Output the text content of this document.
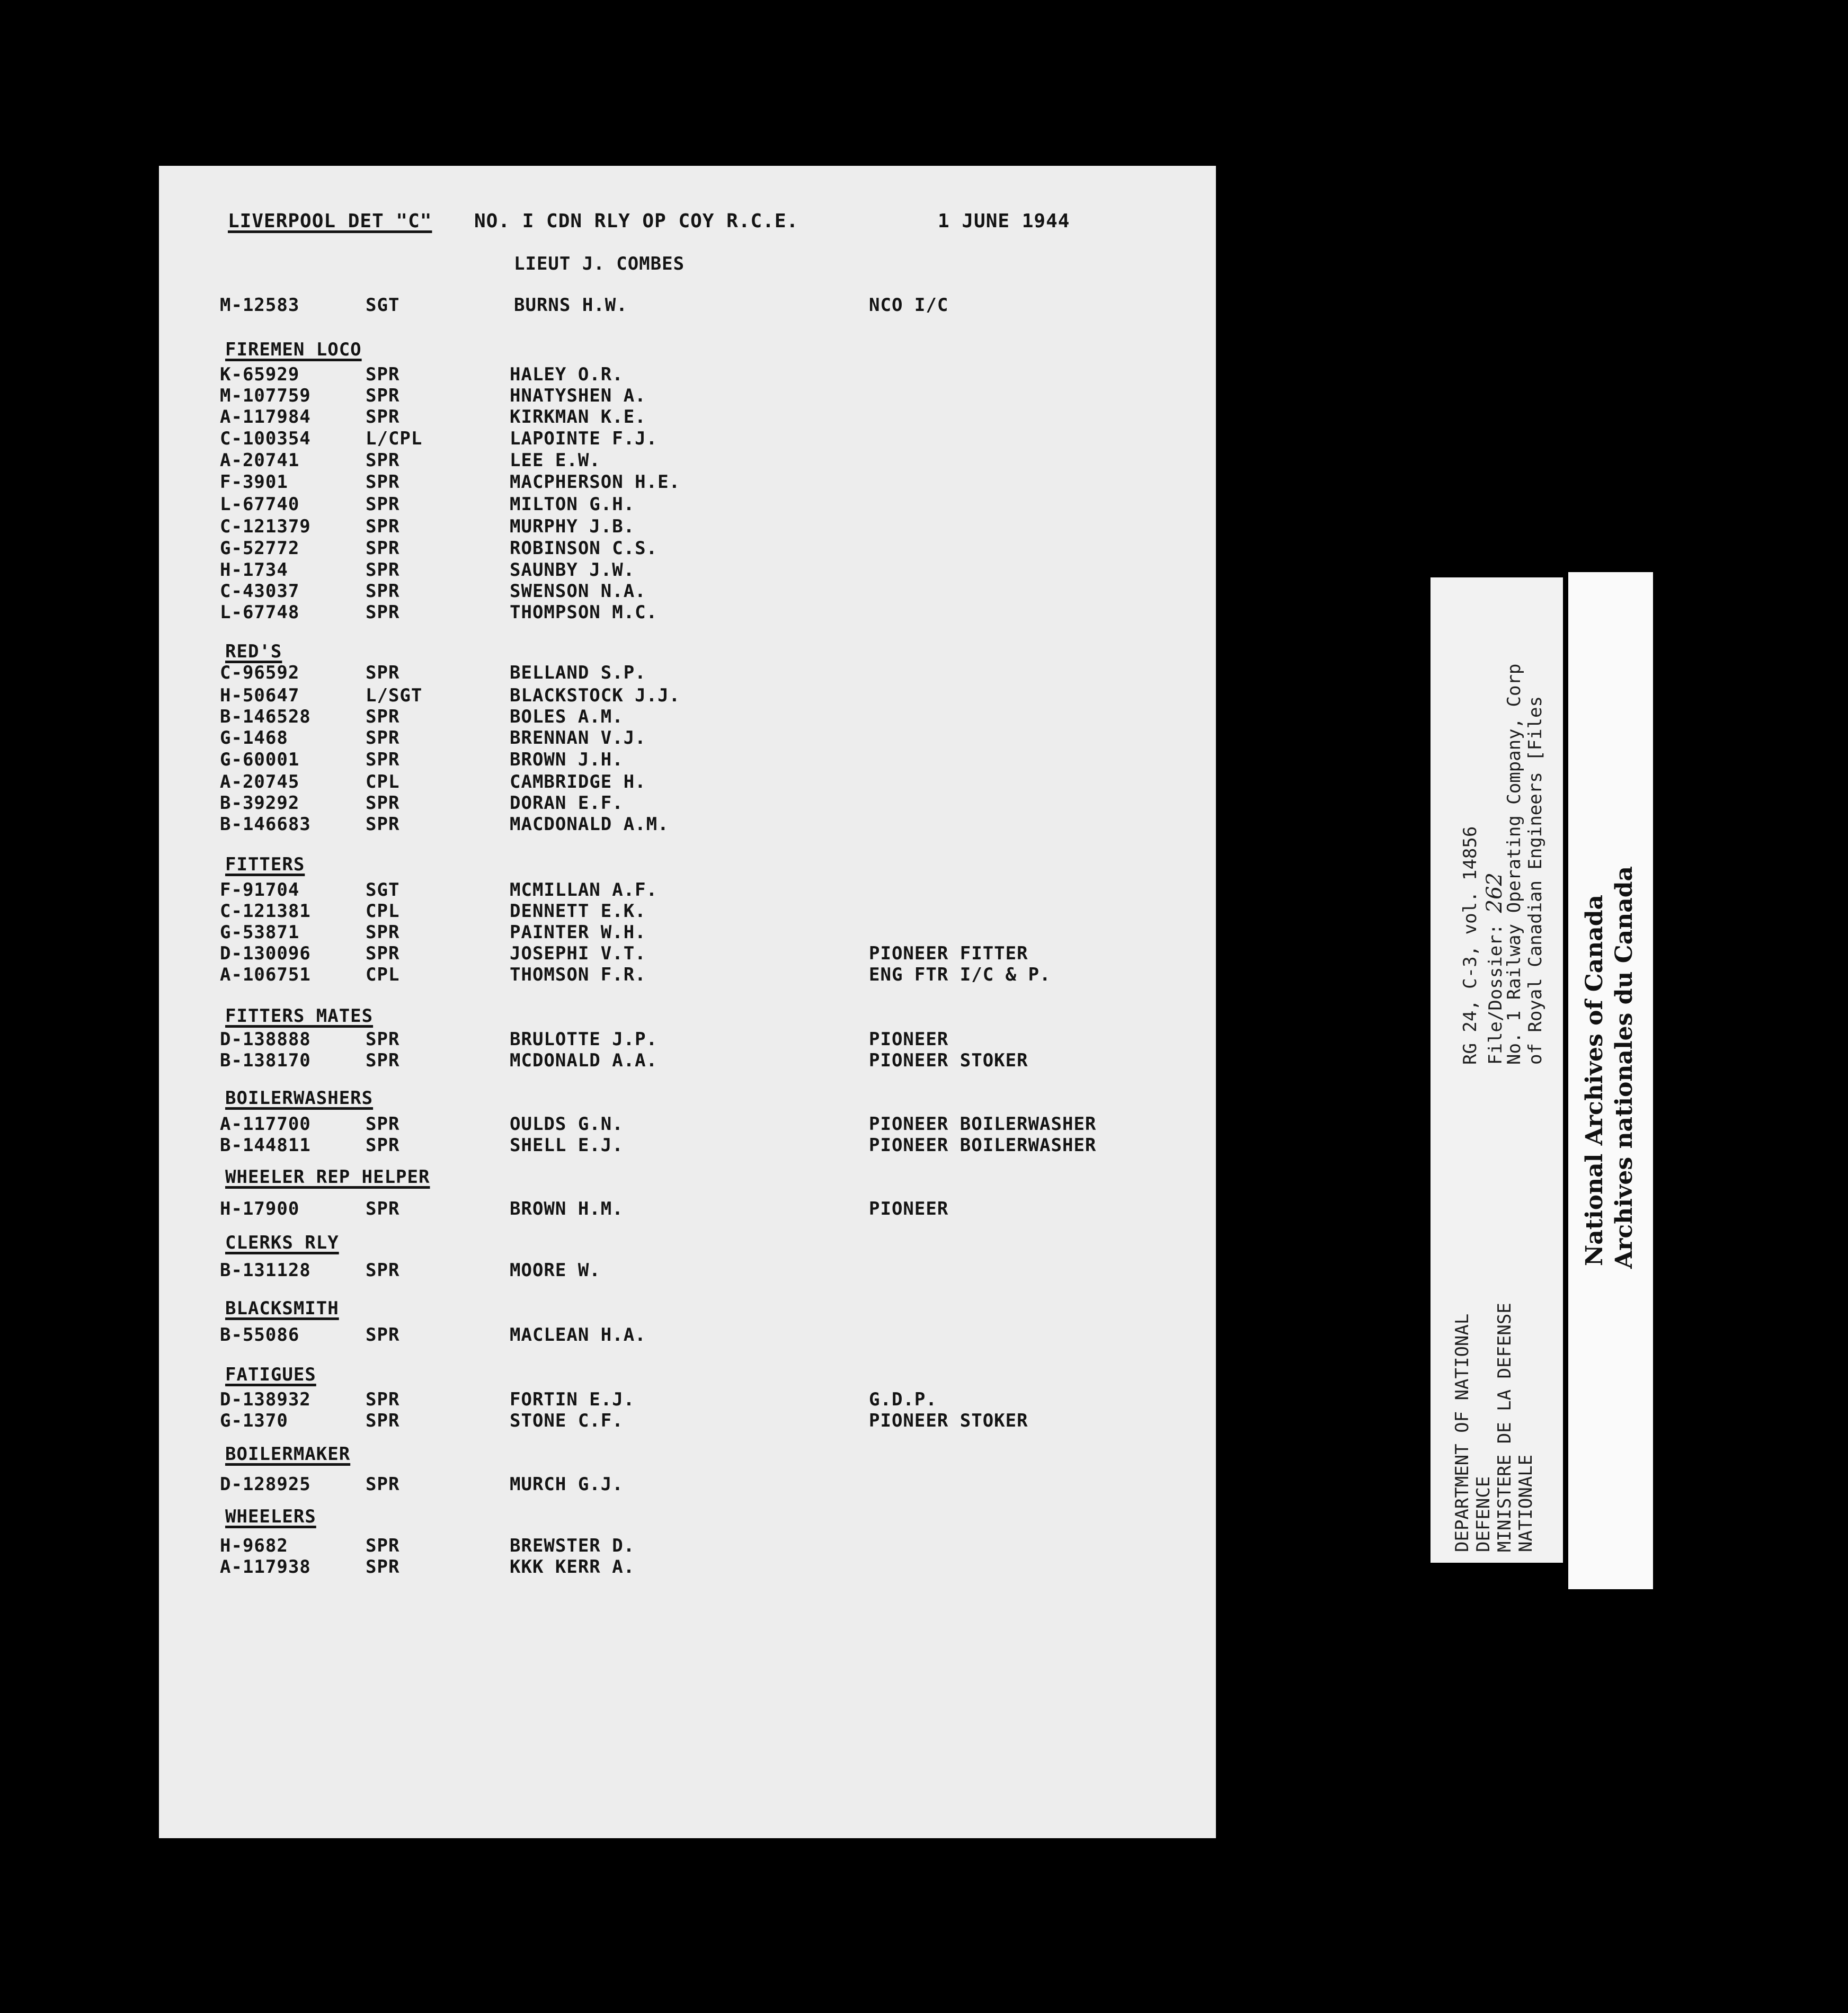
LIVERPOOL DET "C" NO. I CDN RLY OP COY R.C.E.	1 JUNE 1944
LIEUT J. COMBES
M-12583	SGT	BURNS H.W.	NCO I/C
FIREMEN LOCO
K-65929	SPR	HALEY O.R.
M-107759	SPR	HNATYSHEN A.
A-117984	SPR	KIRKMAN K.E.
C-100354	L/CPL	LAPOINTE F.J.
A-20741	SPR	LEE E.W.
F-3901	SPR	MACPHERSON H.E.
L-67740	SPR	MILTON G.H.
C-121379	SPR	MURPHY J.B.
G-52772	SPR	ROBINSON C.S.
H-1734	SPR	SAUNBY J.W.
C-43037	SPR	SWENSON N.A.
L-67748	SPR	THOMPSON M.C.
RED'S
C-96592	SPR	BELLAND S.P.
H-50647	L/SGT	BLACKSTOCK J.J.
B-146528	SPR	BOLES A.M.
G-1468	SPR	BRENNAN V.J.
G-60001	SPR	BROWN J.H.
A-20745	CPL	CAMBRIDGE H.
B-39292	SPR	DORAN E.F.
B-146683	SPR	MACDONALD A.M.
FITTERS
F-91704	SGT	MCMILLAN A.F.
C-121381	CPL	DENNETT E.K.
G-53871	SPR	PAINTER W.H.
D-130096	SPR	JOSEPHI V.T.	PIONEER FITTER
A-106751	CPL	THOMSON F.R.	ENG FTR I/C & P.
FITTERS MATES
D-138888	SPR	BRULOTTE J.P.	PIONEER
B-138170	SPR	MCDONALD A.A.	PIONEER STOKER
BOILERWASHERS
A-117700	SPR	OULDS G.N.	PIONEER BOILERWASHER
B-144811	SPR	SHELL E.J.	PIONEER BOILERWASHER
WHEELER REP HELPER
H-17900	SPR	BROWN H.M.	PIONEER
CLERKS RLY
B-131128	SPR	MOORE W.
BLACKSMITH
B-55086	SPR	MACLEAN H.A.
FATIGUES
D-138932	SPR	FORTIN E.J.	G.D.P.
G-1370	SPR	STONE C.F.	PIONEER STOKER
BOILERMAKER
D-128925	SPR	MURCH G.J.
WHEELERS
H-9682	SPR	BREWSTER D.
A-117938	SPR	KKK KERR A.
DEPARTMENT OF NATIONAL DEFENCE MINISTERE DE LA DEFENSE NATIONALE
RG 24, C-3, vol. 14856 File/Dossier: 262
No. 1 Railway Operating Company, Corp of Royal Canadian Engineers [Files
National Archives of Canada Archives nationales du Canada
